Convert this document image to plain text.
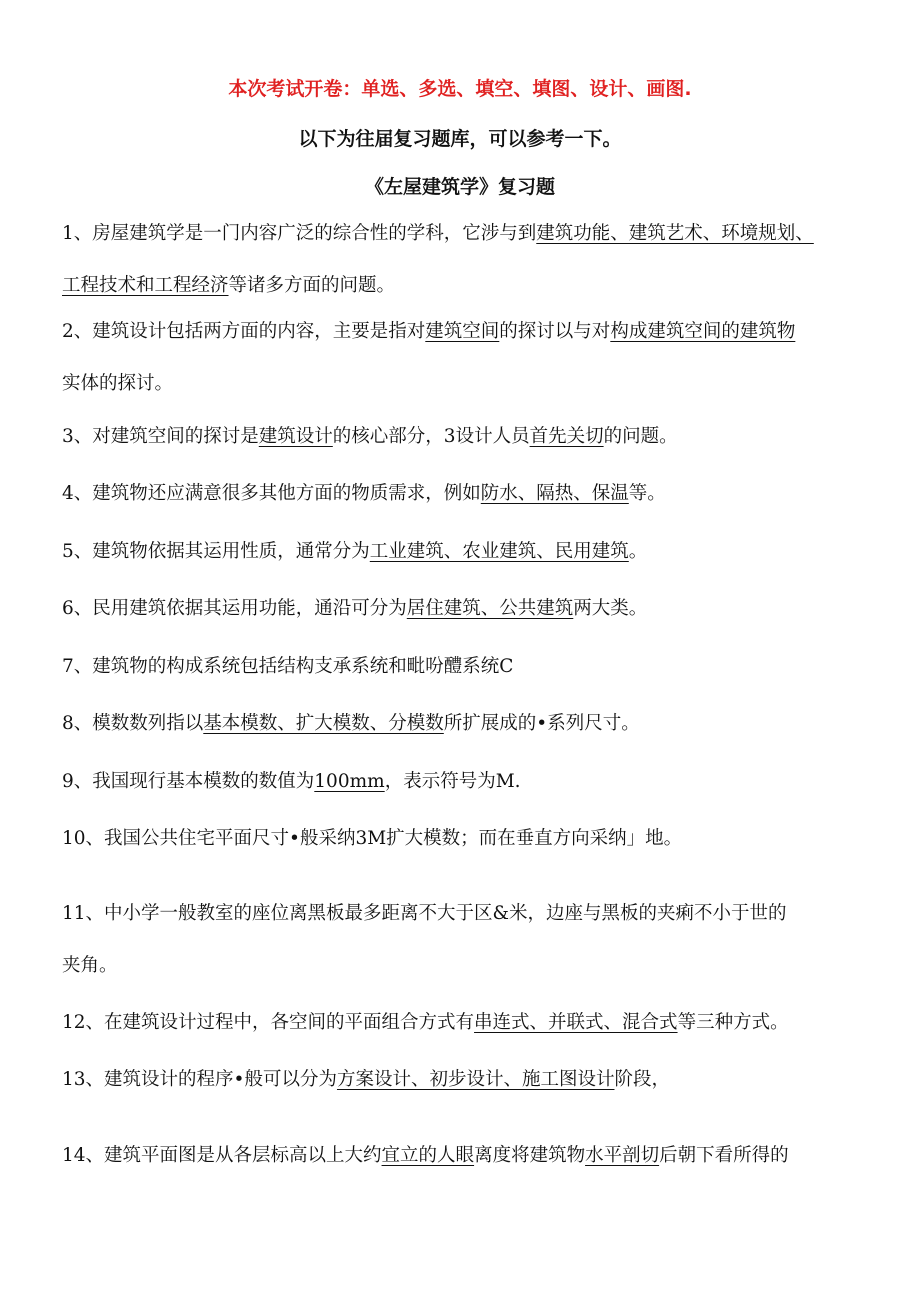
本次考试开卷：单选、多选、填空、填图、设计、画图.
以下为往届复习题库，可以参考一下。
《左屋建筑学》复习题
1、房屋建筑学是一门内容广泛的综合性的学科，它涉与到建筑功能、建筑艺术、环境规划、
工程技术和工程经济等诸多方面的问题。
2、建筑设计包括两方面的内容，主要是指对建筑空间的探讨以与对构成建筑空间的建筑物
实体的探讨。
3、对建筑空间的探讨是建筑设计的核心部分，3设计人员首先关切的问题。
4、建筑物还应满意很多其他方面的物质需求，例如防水、隔热、保温等。
5、建筑物依据其运用性质，通常分为工业建筑、农业建筑、民用建筑。
6、民用建筑依据其运用功能，通沿可分为居住建筑、公共建筑两大类。
7、建筑物的构成系统包括结构支承系统和毗吩醴系统C
8、模数数列指以基本模数、扩大模数、分模数所扩展成的•系列尺寸。
9、我国现行基本模数的数值为100mm，表示符号为M.
10、我国公共住宅平面尺寸•般采纳3M扩大模数；而在垂直方向采纳」地。
11、中小学一般教室的座位离黑板最多距离不大于区&米，边座与黑板的夹痢不小于世的
夹角。
12、在建筑设计过程中，各空间的平面组合方式有串连式、并联式、混合式等三种方式。
13、建筑设计的程序•般可以分为方案设计、初步设计、施工图设计阶段，
14、建筑平面图是从各层标高以上大约宜立的人眼离度将建筑物水平剖切后朝下看所得的
